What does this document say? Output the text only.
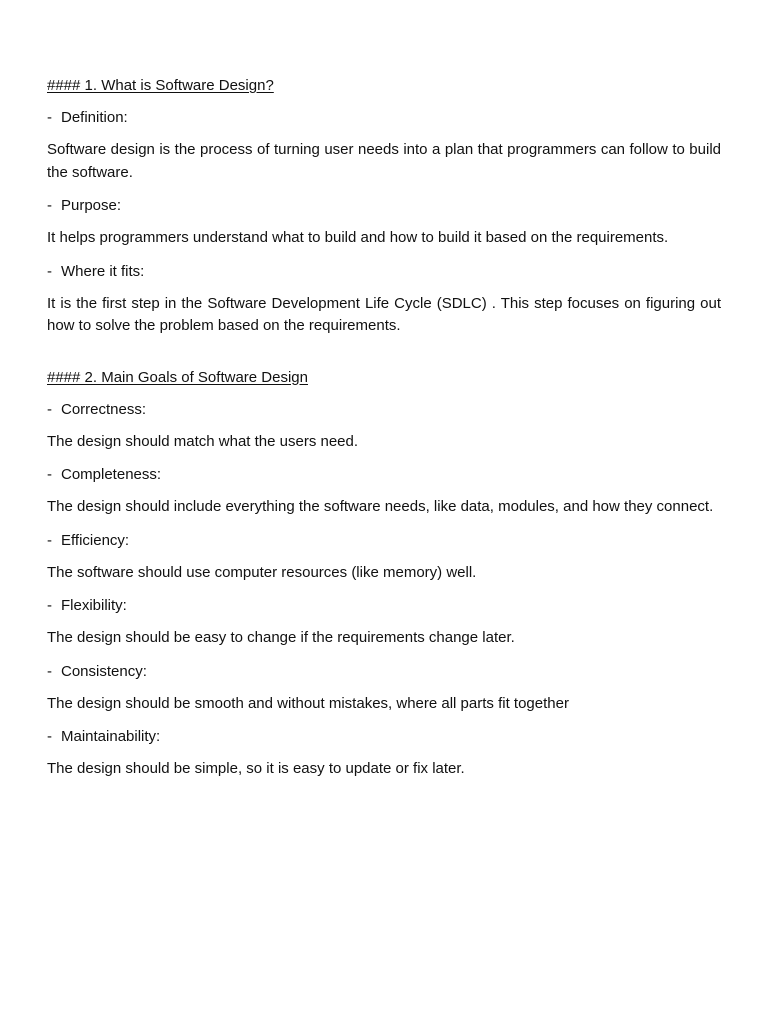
#### 1. What is Software Design?
- Definition:

Software design is the process of turning user needs into a plan that programmers can follow to build the software.

- Purpose:

It helps programmers understand what to build and how to build it based on the requirements.

- Where it fits:

It is the first step in the Software Development Life Cycle (SDLC) . This step focuses on figuring out how to solve the problem based on the requirements.

#### 2. Main Goals of Software Design
- Correctness:

The design should match what the users need.

- Completeness:

The design should include everything the software needs, like data, modules, and how they connect.

- Efficiency:

The software should use computer resources (like memory) well.

- Flexibility:

The design should be easy to change if the requirements change later.

- Consistency:

The design should be smooth and without mistakes, where all parts fit together

- Maintainability:

The design should be simple, so it is easy to update or fix later.
